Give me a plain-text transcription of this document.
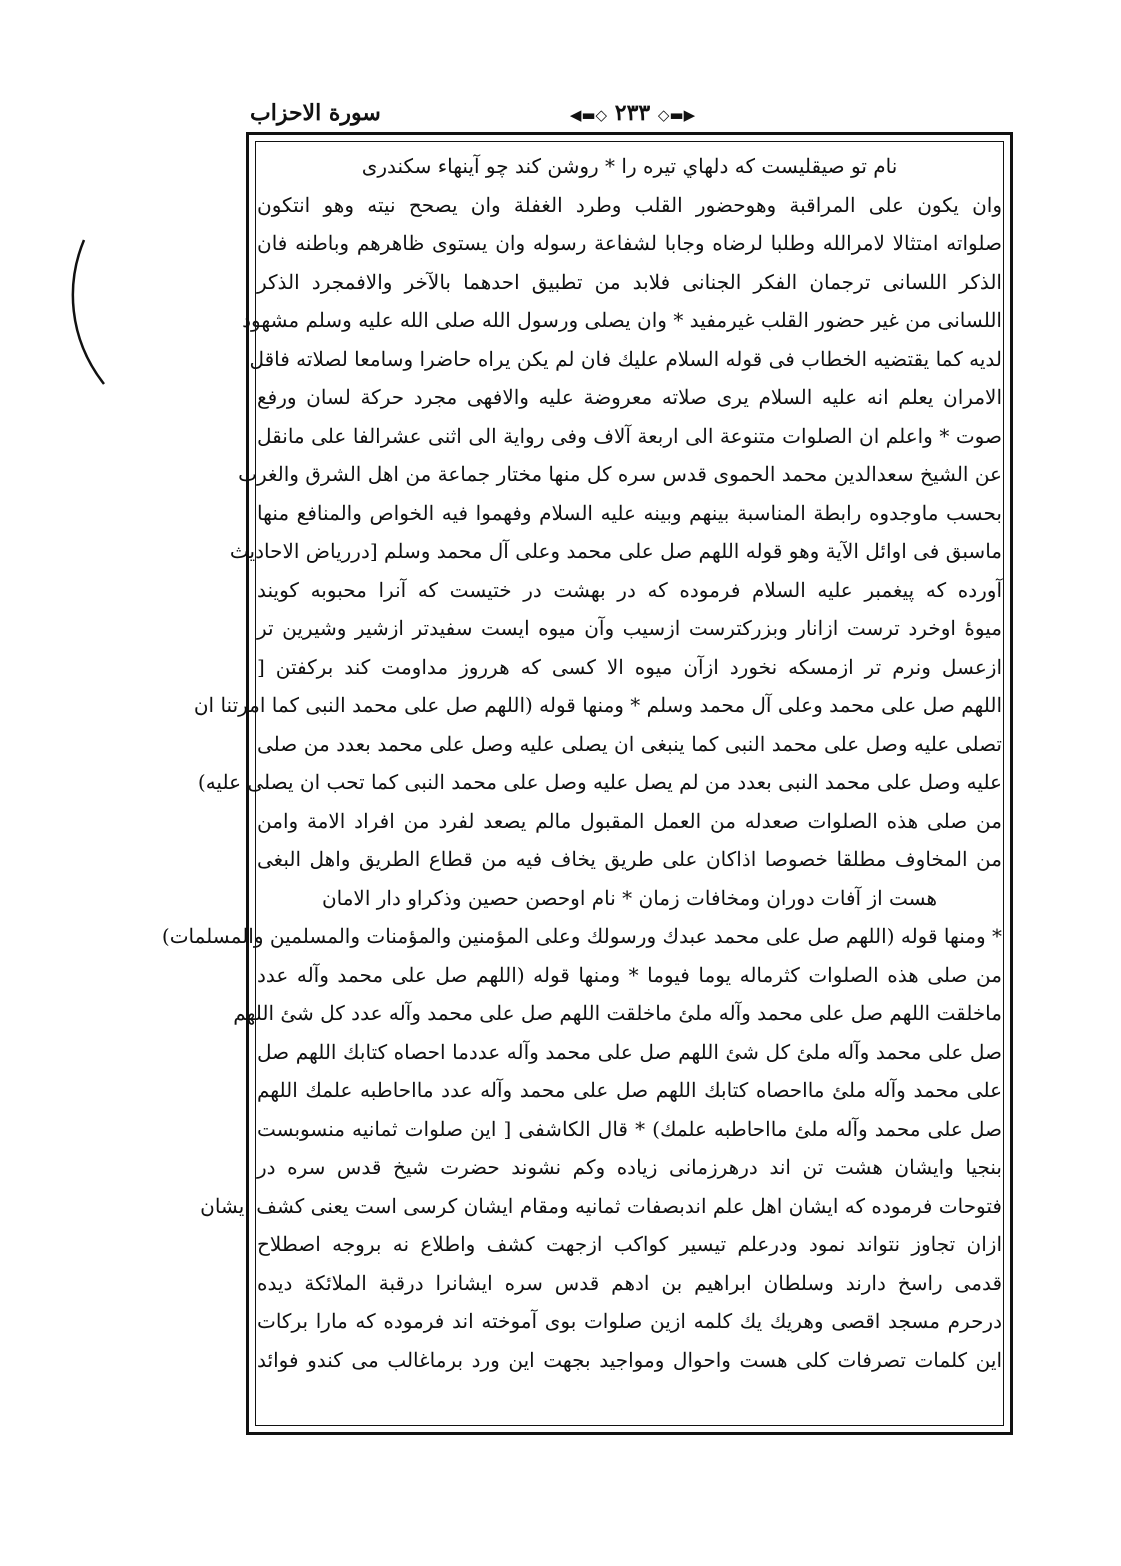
سورة الاحزاب	◀▬◇ ٢٣٣ ◇▬▶
نام تو صيقليست كه دلهاي تيره را * روشن كند چو آينهاء سكندرى
وان يكون على المراقبة وهوحضور القلب وطرد الغفلة وان يصحح نيته وهو انتكون
صلواته امتثالا لامرالله وطلبا لرضاه وجابا لشفاعة رسوله وان يستوى ظاهرهم وباطنه فان
الذكر اللسانى ترجمان الفكر الجنانى فلابد من تطبيق احدهما بالآخر والافمجرد الذكر
اللسانى من غير حضور القلب غيرمفيد * وان يصلى ورسول الله صلى الله عليه وسلم مشهود
لديه كما يقتضيه الخطاب فى قوله السلام عليك فان لم يكن يراه حاضرا وسامعا لصلاته فاقل
الامران يعلم انه عليه السلام يرى صلاته معروضة عليه والافهى مجرد حركة لسان ورفع
صوت * واعلم ان الصلوات متنوعة الى اربعة آلاف وفى رواية الى اثنى عشرالفا على مانقل
عن الشيخ سعدالدين محمد الحموى قدس سره كل منها مختار جماعة من اهل الشرق والغرب
بحسب ماوجدوه رابطة المناسبة بينهم وبينه عليه السلام وفهموا فيه الخواص والمنافع منها
ماسبق فى اوائل الآية وهو قوله اللهم صل على محمد وعلى آل محمد وسلم [دررياض الاحاديث
آورده كه پيغمبر عليه السلام فرموده كه در بهشت در ختيست كه آنرا محبوبه كويند
ميوهٔ اوخرد ترست ازانار وبزركترست ازسيب وآن ميوه ايست سفيدتر ازشير وشيرين تر
ازعسل ونرم تر ازمسكه نخورد ازآن ميوه الا كسى كه هرروز مداومت كند بركفتن [
اللهم صل على محمد وعلى آل محمد وسلم * ومنها قوله (اللهم صل على محمد النبى كما امرتنا ان
تصلى عليه وصل على محمد النبى كما ينبغى ان يصلى عليه وصل على محمد بعدد من صلى
عليه وصل على محمد النبى بعدد من لم يصل عليه وصل على محمد النبى كما تحب ان يصلى عليه)
من صلى هذه الصلوات صعدله من العمل المقبول مالم يصعد لفرد من افراد الامة وامن
من المخاوف مطلقا خصوصا اذاكان على طريق يخاف فيه من قطاع الطريق واهل البغى
هست از آفات دوران ومخافات زمان * نام اوحصن حصين وذكراو دار الامان
* ومنها قوله (اللهم صل على محمد عبدك ورسولك وعلى المؤمنين والمؤمنات والمسلمين والمسلمات)
من صلى هذه الصلوات كثرماله يوما فيوما * ومنها قوله (اللهم صل على محمد وآله عدد
ماخلقت اللهم صل على محمد وآله ملئ ماخلقت اللهم صل على محمد وآله عدد كل شئ اللهم
صل على محمد وآله ملئ كل شئ اللهم صل على محمد وآله عددما احصاه كتابك اللهم صل
على محمد وآله ملئ مااحصاه كتابك اللهم صل على محمد وآله عدد مااحاطبه علمك اللهم
صل على محمد وآله ملئ مااحاطبه علمك) * قال الكاشفى [ اين صلوات ثمانيه منسوبست
بنجيا وايشان هشت تن اند درهرزمانى زياده وكم نشوند حضرت شيخ قدس سره در
فتوحات فرموده كه ايشان اهل علم اندبصفات ثمانيه ومقام ايشان كرسى است يعنى كشف ايشان
ازان تجاوز نتواند نمود ودرعلم تيسير كواكب ازجهت كشف واطلاع نه بروجه اصطلاح
قدمى راسخ دارند وسلطان ابراهيم بن ادهم قدس سره ايشانرا درقبة الملائكة ديده
درحرم مسجد اقصى وهريك يك كلمه ازين صلوات بوى آموخته اند فرموده كه مارا بركات
اين كلمات تصرفات كلى هست واحوال ومواجيد بجهت اين ورد برماغالب مى كندو فوائد
